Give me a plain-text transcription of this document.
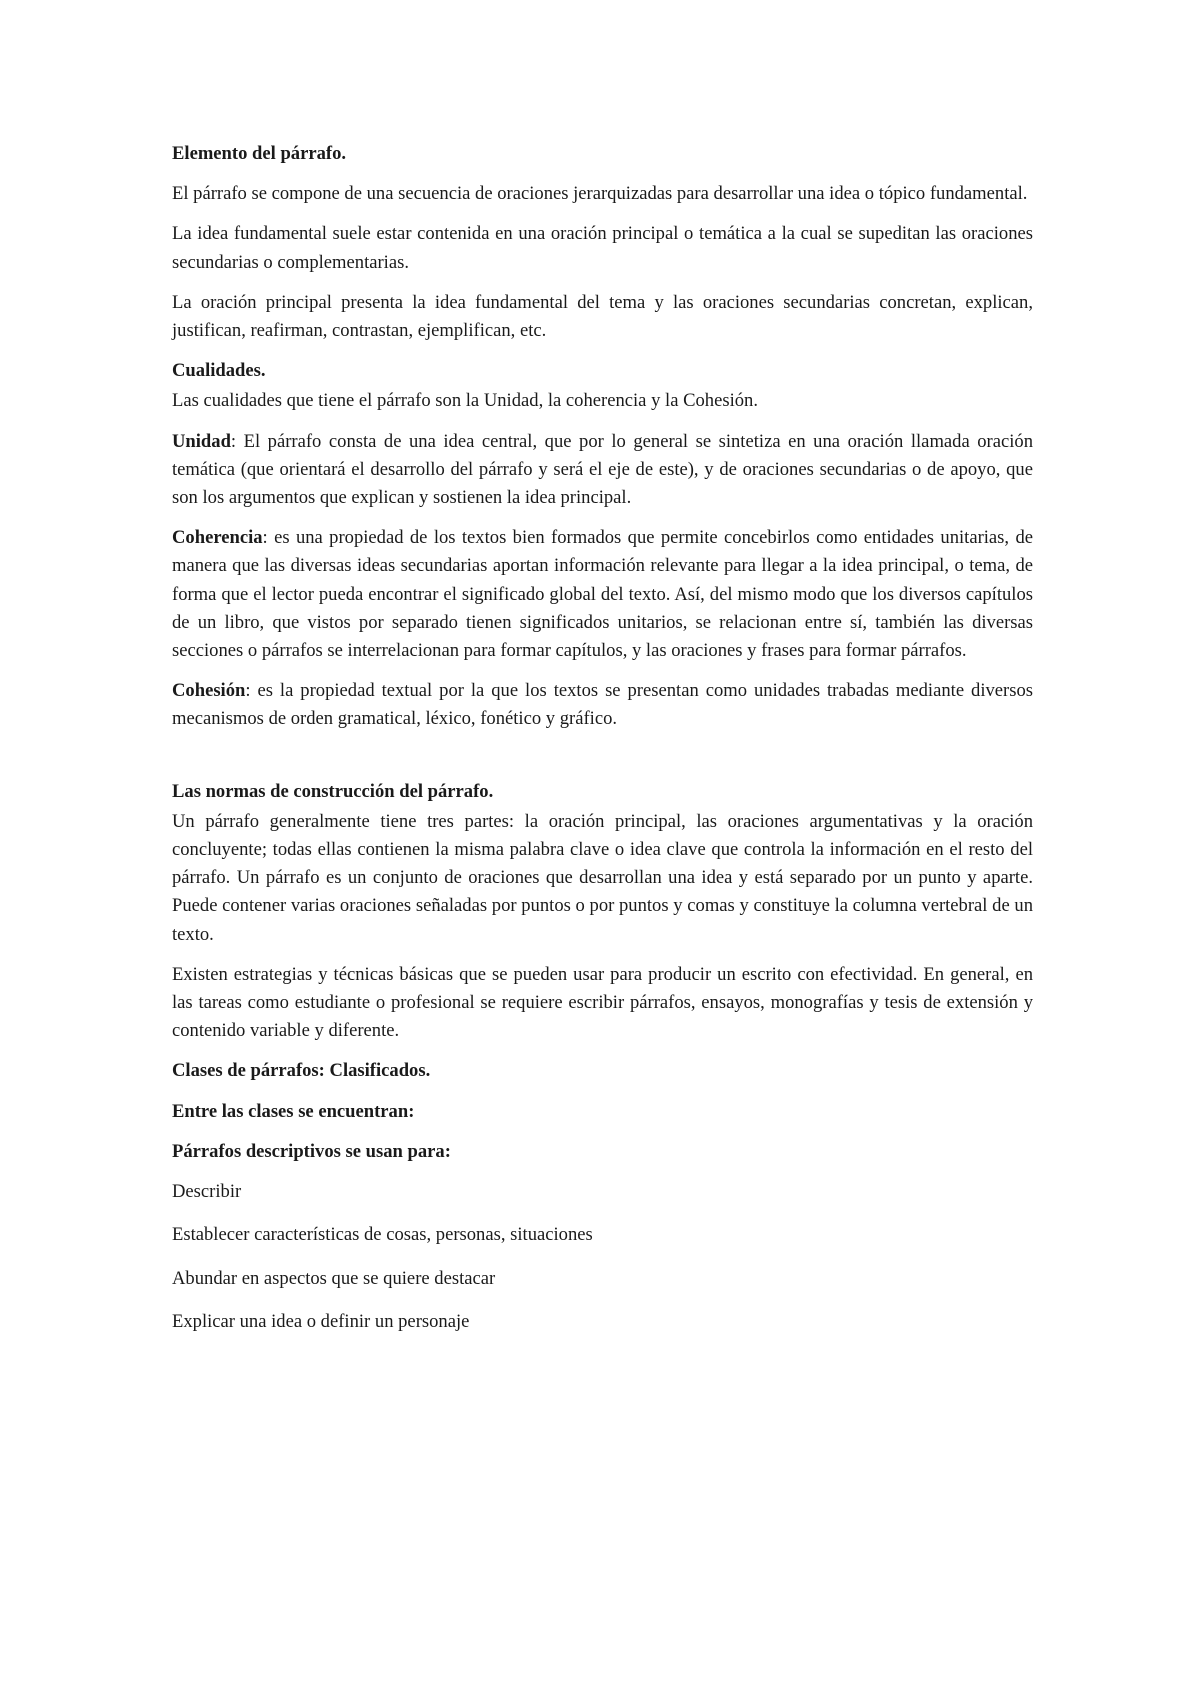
Elemento del párrafo.

El párrafo se compone de una secuencia de oraciones jerarquizadas para desarrollar una idea o tópico fundamental.

La idea fundamental suele estar contenida en una oración principal o temática a la cual se supeditan las oraciones secundarias o complementarias.

La oración principal presenta la idea fundamental del tema y las oraciones secundarias concretan, explican, justifican, reafirman, contrastan, ejemplifican, etc.

Cualidades.

Las cualidades que tiene el párrafo son la Unidad, la coherencia y la Cohesión.

Unidad: El párrafo consta de una idea central, que por lo general se sintetiza en una oración llamada oración temática (que orientará el desarrollo del párrafo y será el eje de este), y de oraciones secundarias o de apoyo, que son los argumentos que explican y sostienen la idea principal.

Coherencia: es una propiedad de los textos bien formados que permite concebirlos como entidades unitarias, de manera que las diversas ideas secundarias aportan información relevante para llegar a la idea principal, o tema, de forma que el lector pueda encontrar el significado global del texto. Así, del mismo modo que los diversos capítulos de un libro, que vistos por separado tienen significados unitarios, se relacionan entre sí, también las diversas secciones o párrafos se interrelacionan para formar capítulos, y las oraciones y frases para formar párrafos.

Cohesión: es la propiedad textual por la que los textos se presentan como unidades trabadas mediante diversos mecanismos de orden gramatical, léxico, fonético y gráfico.

Las normas de construcción del párrafo.

Un párrafo generalmente tiene tres partes: la oración principal, las oraciones argumentativas y la oración concluyente; todas ellas contienen la misma palabra clave o idea clave que controla la información en el resto del párrafo. Un párrafo es un conjunto de oraciones que desarrollan una idea y está separado por un punto y aparte. Puede contener varias oraciones señaladas por puntos o por puntos y comas y constituye la columna vertebral de un texto.

Existen estrategias y técnicas básicas que se pueden usar para producir un escrito con efectividad. En general, en las tareas como estudiante o profesional se requiere escribir párrafos, ensayos, monografías y tesis de extensión y contenido variable y diferente.

Clases de párrafos: Clasificados.
Entre las clases se encuentran:
Párrafos descriptivos se usan para:
Describir
Establecer características de cosas, personas, situaciones
Abundar en aspectos que se quiere destacar
Explicar una idea o definir un personaje
